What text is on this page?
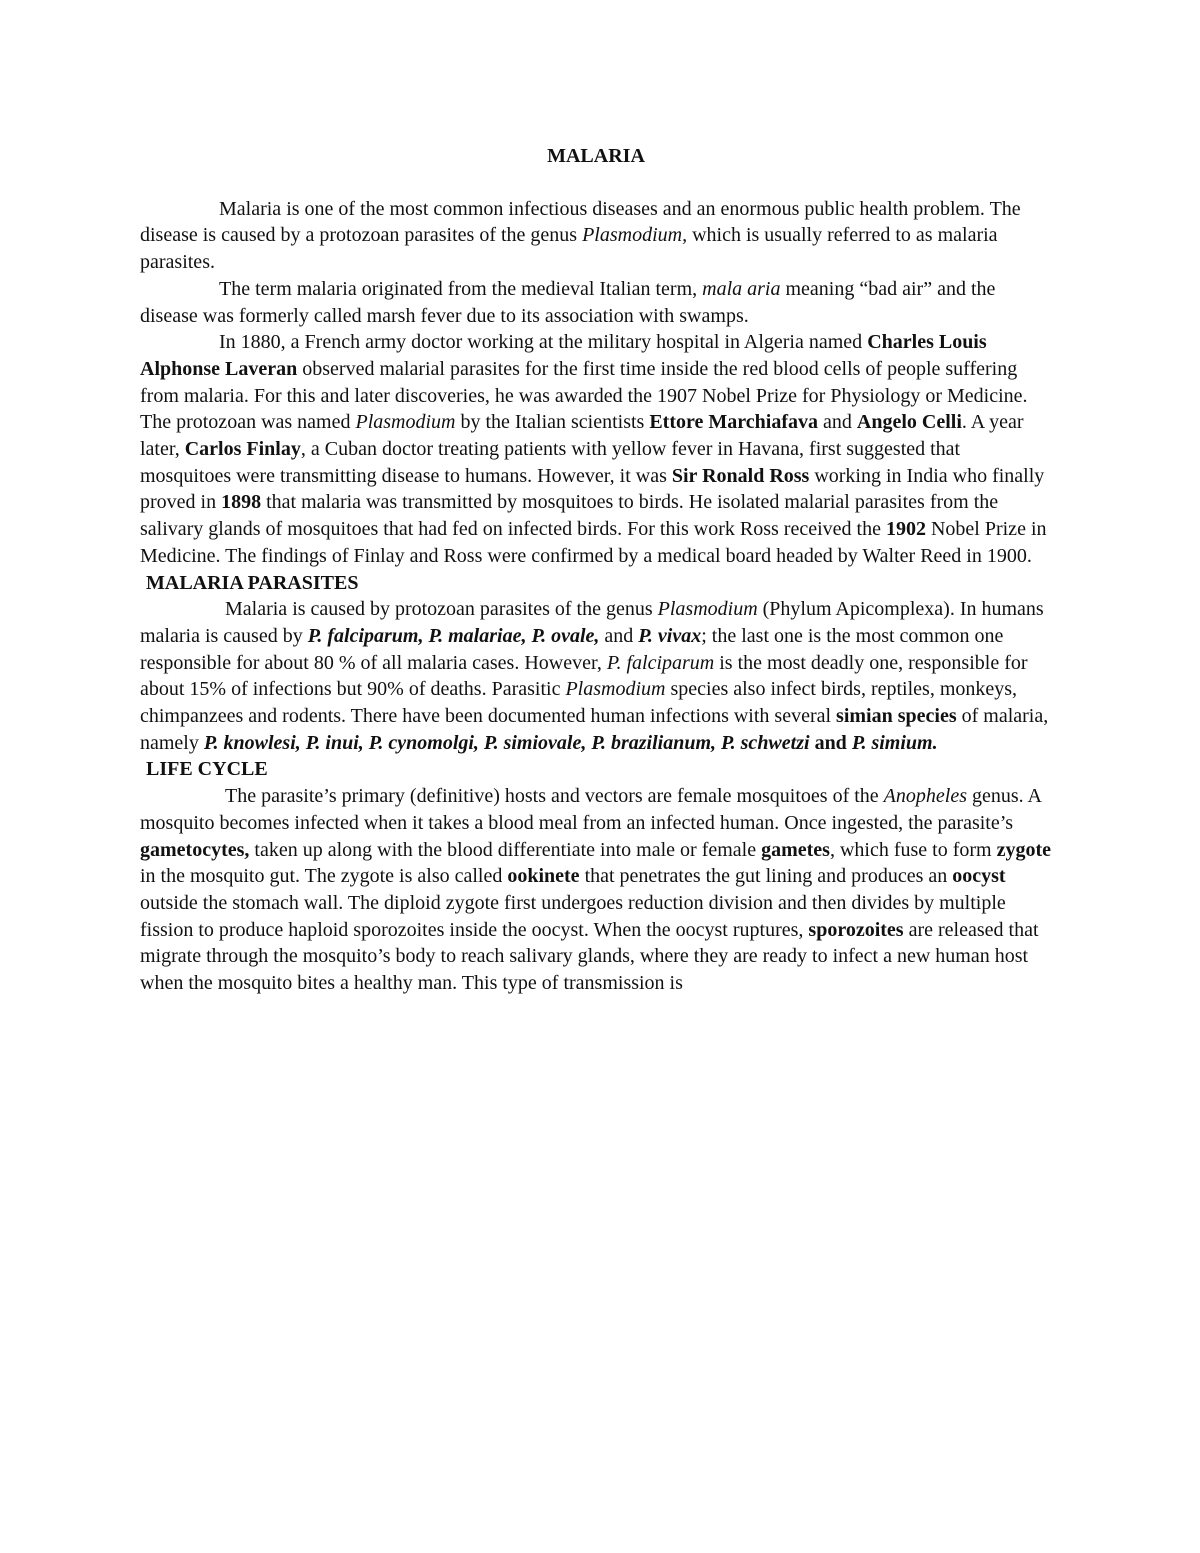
MALARIA

Malaria is one of the most common infectious diseases and an enormous public health problem. The disease is caused by a protozoan parasites of the genus Plasmodium, which is usually referred to as malaria parasites.

The term malaria originated from the medieval Italian term, mala aria meaning “bad air” and the disease was formerly called marsh fever due to its association with swamps.

In 1880, a French army doctor working at the military hospital in Algeria named Charles Louis Alphonse Laveran observed malarial parasites for the first time inside the red blood cells of people suffering from malaria. For this and later discoveries, he was awarded the 1907 Nobel Prize for Physiology or Medicine. The protozoan was named Plasmodium by the Italian scientists Ettore Marchiafava and Angelo Celli. A year later, Carlos Finlay, a Cuban doctor treating patients with yellow fever in Havana, first suggested that mosquitoes were transmitting disease to humans. However, it was Sir Ronald Ross working in India who finally proved in 1898 that malaria was transmitted by mosquitoes to birds. He isolated malarial parasites from the salivary glands of mosquitoes that had fed on infected birds. For this work Ross received the 1902 Nobel Prize in Medicine. The findings of Finlay and Ross were confirmed by a medical board headed by Walter Reed in 1900.

MALARIA PARASITES

Malaria is caused by protozoan parasites of the genus Plasmodium (Phylum Apicomplexa). In humans malaria is caused by P. falciparum, P. malariae, P. ovale, and P. vivax; the last one is the most common one responsible for about 80 % of all malaria cases. However, P. falciparum is the most deadly one, responsible for about 15% of infections but 90% of deaths. Parasitic Plasmodium species also infect birds, reptiles, monkeys, chimpanzees and rodents. There have been documented human infections with several simian species of malaria, namely P. knowlesi, P. inui, P. cynomolgi, P. simiovale, P. brazilianum, P. schwetzi and P. simium.

LIFE CYCLE

The parasite’s primary (definitive) hosts and vectors are female mosquitoes of the Anopheles genus. A mosquito becomes infected when it takes a blood meal from an infected human. Once ingested, the parasite’s gametocytes, taken up along with the blood differentiate into male or female gametes, which fuse to form zygote in the mosquito gut. The zygote is also called ookinete that penetrates the gut lining and produces an oocyst outside the stomach wall. The diploid zygote first undergoes reduction division and then divides by multiple fission to produce haploid sporozoites inside the oocyst. When the oocyst ruptures, sporozoites are released that migrate through the mosquito’s body to reach salivary glands, where they are ready to infect a new human host when the mosquito bites a healthy man. This type of transmission is
